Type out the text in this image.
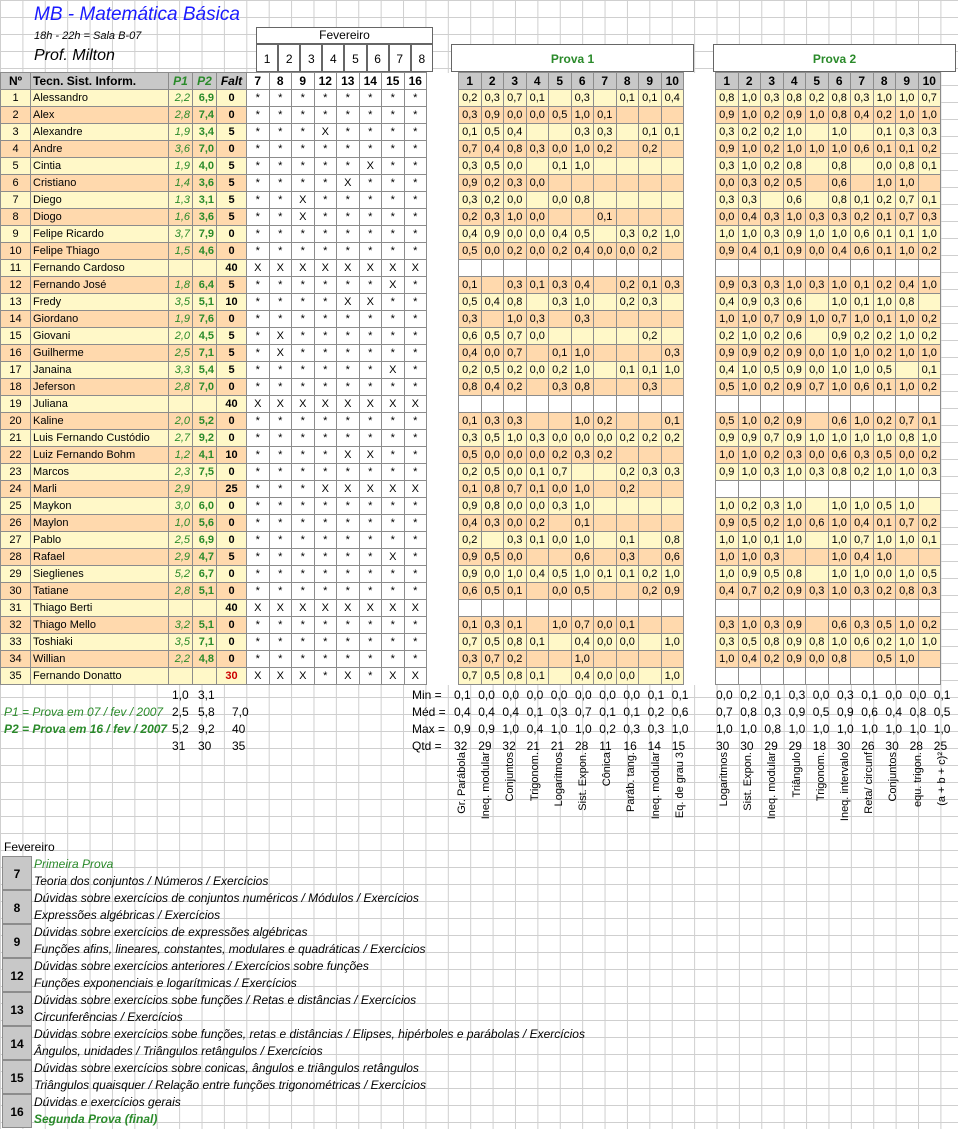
MB - Matemática Básica
18h - 22h = Sala B-07
Prof. Milton
Fevereiro
1	2	3	4	5	6	7	8	Prova 1	Prova 2
Nº	Tecn. Sist. Inform.	P1	P2	Falt	7	8	9	12	13	14	15	16		1	2	3	4	5	6	7	8	9	10		1	2	3	4	5	6	7	8	9	10
1	Alessandro	2,2	6,9	0	*	*	*	*	*	*	*	*		0,2	0,3	0,7	0,1		0,3		0,1	0,1	0,4		0,8	1,0	0,3	0,8	0,2	0,8	0,3	1,0	1,0	0,7
2	Alex	2,8	7,4	0	*	*	*	*	*	*	*	*		0,3	0,9	0,0	0,0	0,5	1,0	0,1					0,9	1,0	0,2	0,9	1,0	0,8	0,4	0,2	1,0	1,0
3	Alexandre	1,9	3,4	5	*	*	*	X	*	*	*	*		0,1	0,5	0,4			0,3	0,3		0,1	0,1		0,3	0,2	0,2	1,0		1,0		0,1	0,3	0,3
4	Andre	3,6	7,0	0	*	*	*	*	*	*	*	*		0,7	0,4	0,8	0,3	0,0	1,0	0,2		0,2			0,9	1,0	0,2	1,0	1,0	1,0	0,6	0,1	0,1	0,2
5	Cintia	1,9	4,0	5	*	*	*	*	*	X	*	*		0,3	0,5	0,0		0,1	1,0						0,3	1,0	0,2	0,8		0,8		0,0	0,8	0,1
6	Cristiano	1,4	3,6	5	*	*	*	*	X	*	*	*		0,9	0,2	0,3	0,0								0,0	0,3	0,2	0,5		0,6		1,0	1,0	
7	Diego	1,3	3,1	5	*	*	X	*	*	*	*	*		0,3	0,2	0,0		0,0	0,8						0,3	0,3		0,6		0,8	0,1	0,2	0,7	0,1
8	Diogo	1,6	3,6	5	*	*	X	*	*	*	*	*		0,2	0,3	1,0	0,0			0,1					0,0	0,4	0,3	1,0	0,3	0,3	0,2	0,1	0,7	0,3
9	Felipe Ricardo	3,7	7,9	0	*	*	*	*	*	*	*	*		0,4	0,9	0,0	0,0	0,4	0,5		0,3	0,2	1,0		1,0	1,0	0,3	0,9	1,0	1,0	0,6	0,1	0,1	1,0
10	Felipe Thiago	1,5	4,6	0	*	*	*	*	*	*	*	*		0,5	0,0	0,2	0,0	0,2	0,4	0,0	0,0	0,2			0,9	0,4	0,1	0,9	0,0	0,4	0,6	0,1	1,0	0,2
11	Fernando Cardoso			40	X	X	X	X	X	X	X	X																						
12	Fernando José	1,8	6,4	5	*	*	*	*	*	*	X	*		0,1		0,3	0,1	0,3	0,4		0,2	0,1	0,3		0,9	0,3	0,3	1,0	0,3	1,0	0,1	0,2	0,4	1,0
13	Fredy	3,5	5,1	10	*	*	*	*	X	X	*	*		0,5	0,4	0,8		0,3	1,0		0,2	0,3			0,4	0,9	0,3	0,6		1,0	0,1	1,0	0,8	
14	Giordano	1,9	7,6	0	*	*	*	*	*	*	*	*		0,3		1,0	0,3		0,3						1,0	1,0	0,7	0,9	1,0	0,7	1,0	0,1	1,0	0,2
15	Giovani	2,0	4,5	5	*	X	*	*	*	*	*	*		0,6	0,5	0,7	0,0					0,2			0,2	1,0	0,2	0,6		0,9	0,2	0,2	1,0	0,2
16	Guilherme	2,5	7,1	5	*	X	*	*	*	*	*	*		0,4	0,0	0,7		0,1	1,0				0,3		0,9	0,9	0,2	0,9	0,0	1,0	1,0	0,2	1,0	1,0
17	Janaina	3,3	5,4	5	*	*	*	*	*	*	X	*		0,2	0,5	0,2	0,0	0,2	1,0		0,1	0,1	1,0		0,4	1,0	0,5	0,9	0,0	1,0	1,0	0,5		0,1
18	Jeferson	2,8	7,0	0	*	*	*	*	*	*	*	*		0,8	0,4	0,2		0,3	0,8			0,3			0,5	1,0	0,2	0,9	0,7	1,0	0,6	0,1	1,0	0,2
19	Juliana			40	X	X	X	X	X	X	X	X																						
20	Kaline	2,0	5,2	0	*	*	*	*	*	*	*	*		0,1	0,3	0,3			1,0	0,2			0,1		0,5	1,0	0,2	0,9		0,6	1,0	0,2	0,7	0,1
21	Luis Fernando Custódio	2,7	9,2	0	*	*	*	*	*	*	*	*		0,3	0,5	1,0	0,3	0,0	0,0	0,0	0,2	0,2	0,2		0,9	0,9	0,7	0,9	1,0	1,0	1,0	1,0	0,8	1,0
22	Luiz Fernando Bohm	1,2	4,1	10	*	*	*	*	X	X	*	*		0,5	0,0	0,0	0,0	0,2	0,3	0,2					1,0	1,0	0,2	0,3	0,0	0,6	0,3	0,5	0,0	0,2
23	Marcos	2,3	7,5	0	*	*	*	*	*	*	*	*		0,2	0,5	0,0	0,1	0,7			0,2	0,3	0,3		0,9	1,0	0,3	1,0	0,3	0,8	0,2	1,0	1,0	0,3
24	Marli	2,9		25	*	*	*	X	X	X	X	X		0,1	0,8	0,7	0,1	0,0	1,0		0,2													
25	Maykon	3,0	6,0	0	*	*	*	*	*	*	*	*		0,9	0,8	0,0	0,0	0,3	1,0						1,0	0,2	0,3	1,0		1,0	1,0	0,5	1,0	
26	Maylon	1,0	5,6	0	*	*	*	*	*	*	*	*		0,4	0,3	0,0	0,2		0,1						0,9	0,5	0,2	1,0	0,6	1,0	0,4	0,1	0,7	0,2
27	Pablo	2,5	6,9	0	*	*	*	*	*	*	*	*		0,2		0,3	0,1	0,0	1,0		0,1		0,8		1,0	1,0	0,1	1,0		1,0	0,7	1,0	1,0	0,1
28	Rafael	2,9	4,7	5	*	*	*	*	*	*	X	*		0,9	0,5	0,0			0,6		0,3		0,6		1,0	1,0	0,3			1,0	0,4	1,0		
29	Sieglienes	5,2	6,7	0	*	*	*	*	*	*	*	*		0,9	0,0	1,0	0,4	0,5	1,0	0,1	0,1	0,2	1,0		1,0	0,9	0,5	0,8		1,0	1,0	0,0	1,0	0,5
30	Tatiane	2,8	5,1	0	*	*	*	*	*	*	*	*		0,6	0,5	0,1		0,0	0,5			0,2	0,9		0,4	0,7	0,2	0,9	0,3	1,0	0,3	0,2	0,8	0,3
31	Thiago Berti			40	X	X	X	X	X	X	X	X																						
32	Thiago Mello	3,2	5,1	0	*	*	*	*	*	*	*	*		0,1	0,3	0,1		1,0	0,7	0,0	0,1				0,3	1,0	0,3	0,9		0,6	0,3	0,5	1,0	0,2
33	Toshiaki	3,5	7,1	0	*	*	*	*	*	*	*	*		0,7	0,5	0,8	0,1		0,4	0,0	0,0		1,0		0,3	0,5	0,8	0,9	0,8	1,0	0,6	0,2	1,0	1,0
34	Willian	2,2	4,8	0	*	*	*	*	*	*	*	*		0,3	0,7	0,2			1,0						1,0	0,4	0,2	0,9	0,0	0,8		0,5	1,0	
35	Fernando Donatto			30	X	X	X	*	X	*	X	X		0,7	0,5	0,8	0,1		0,4	0,0	0,0		1,0											
1,0 3,1
2,5 5,8 7,0
5,2 9,2 40
31 30 35
P1 = Prova em 07 / fev / 2007
P2 = Prova em 16 / fev / 2007
Min = 0,1 0,0 0,0 0,0 0,0 0,0 0,0 0,0 0,1 0,1 0,0 0,2 0,1 0,3 0,0 0,3 0,1 0,0 0,0 0,1
Méd = 0,4 0,4 0,4 0,1 0,3 0,7 0,1 0,1 0,2 0,6 0,7 0,8 0,3 0,9 0,5 0,9 0,6 0,4 0,8 0,5
Max = 0,9 0,9 1,0 0,4 1,0 1,0 0,2 0,3 0,3 1,0 1,0 1,0 0,8 1,0 1,0 1,0 1,0 1,0 1,0 1,0
Qtd = 32 29 32 21 21 28 11 16 14 15	30 30 29 29 18 30 26 30 28 25
Gr. Parábola Ineq. modular Conjuntos Trigonom. Logaritmos Sist. Expon. Cônica Paráb. tang. Ineq. modular Eq. de grau 3	Logaritmos Sist. Expon. Ineq. modular Triângulo Trigonom. Ineq. intervalo Reta/ circunf Conjuntos equ. trigon. (a + b + c)²
Fevereiro
7
Primeira Prova
Teoria dos conjuntos / Números / Exercícios
8
Dúvidas sobre exercícios de conjuntos numéricos / Módulos / Exercícios
Expressões algébricas / Exercícios
9
Dúvidas sobre exercícios de expressões algébricas
Funções afins, lineares, constantes, modulares e quadráticas / Exercícios
12
Dúvidas sobre exercícios anteriores / Exercícios sobre funções
Funções exponenciais e logarítmicas / Exercícios
13
Dúvidas sobre exercícios sobe funções / Retas e distâncias / Exercícios
Circunferências / Exercícios
14
Dúvidas sobre exercícios sobe funções, retas e distâncias / Elipses, hipérboles e parábolas / Exercícios
Ângulos, unidades / Triângulos retângulos / Exercícios
15
Dúvidas sobre exercícios sobre conicas, ângulos e triângulos retângulos
Triângulos quaisquer / Relação entre funções trigonométricas / Exercícios
16
Dúvidas e exercícios gerais
Segunda Prova (final)
